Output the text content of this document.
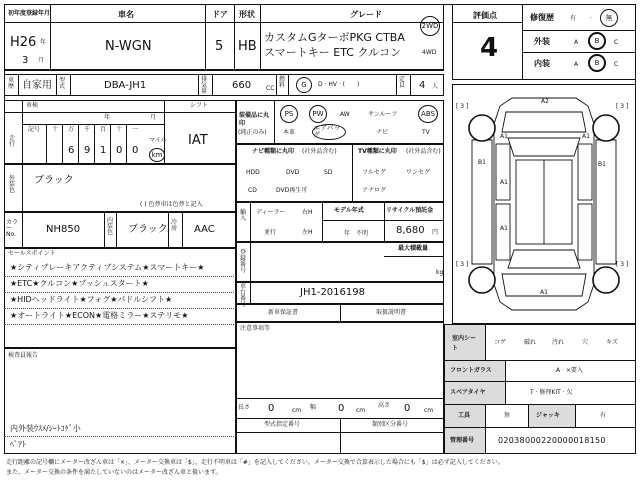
初年度登録年月	車名	ドア 形状	グレード
H26 年
3 月
N-WGN	5 HB
カスタムGターボPKG CTBA スマートキー ETC クルコン
2WD
4WD
車歴 自家用 型式	DBA-JH1
排気量
660 CC
燃料 G D · HV · (　　)
定員 4 人
評価点
4
修復歴	有 · 無
外装	A B C
内装	A B C
車検
年	月
シフト
IAT
記号 十 万 千 百 十 一
走行
6 9 1 0 0
マイル
km
装備品に丸印
(純正のみ)
PS	PW	AW	サンルーフ	ABS
本革
エアバッグ	ナビ	TV
ナビ種類に丸印 (社外品含む)
HDD	DVD	SD
CD	DVD再生可
TV種類に丸印 (社外品含む)
フルセグ	ワンセグ
アナログ
外装色
ブラック
( ) 色替車は色替と記入
カラーNo.	NH850
内装色 ブラック
冷房 AAC
輸入
ディーラー	右H
並行	左H
モデル年式
年　不明
リサイクル預託金
8,680 円
登録番号
最大積載量
kg
車台番号
JH1-2016198
新車保証書	取扱説明書
セールスポイント
★シティブレーキアクティブシステム★スマートキー★
★ETC★クルコン★プッシュスタート★
★HIDヘッドライト★フォグ★パドルシフト★
★オートライト★ECON★電格ミラー★ステリモ★
検査員報告
内外装ｳｽﾒ/ｼｰﾄｺｹﾞ小
ﾍﾟｱﾄ
注意事項等
長さ 0	cm 幅 0 cm
高さ 0 cm
型式指定番号	類別区分番号
A2
A1	A1
B1
A1
B1
A1
A1
[ 3 ]	[ 3 ]
[ 3 ]	[ 3 ]
室内シート
コゲ	破れ	汚れ	穴	キズ
フロントガラス	A · ×要入
スペアタイヤ	T · 修理KIT · 欠
工具	無	ジャッキ	有
管理番号	020380002200000181​50
走行距離の記号欄にメーター改ざん車は「×」、メーター交換車は「$」、走行不明車は「#」を記入してください。メーター交換で合算表示した場合にも「$」は必ず記入してください。
また、メーター交換の条件を満たしていないのはメーター改ざん車と扱います。
